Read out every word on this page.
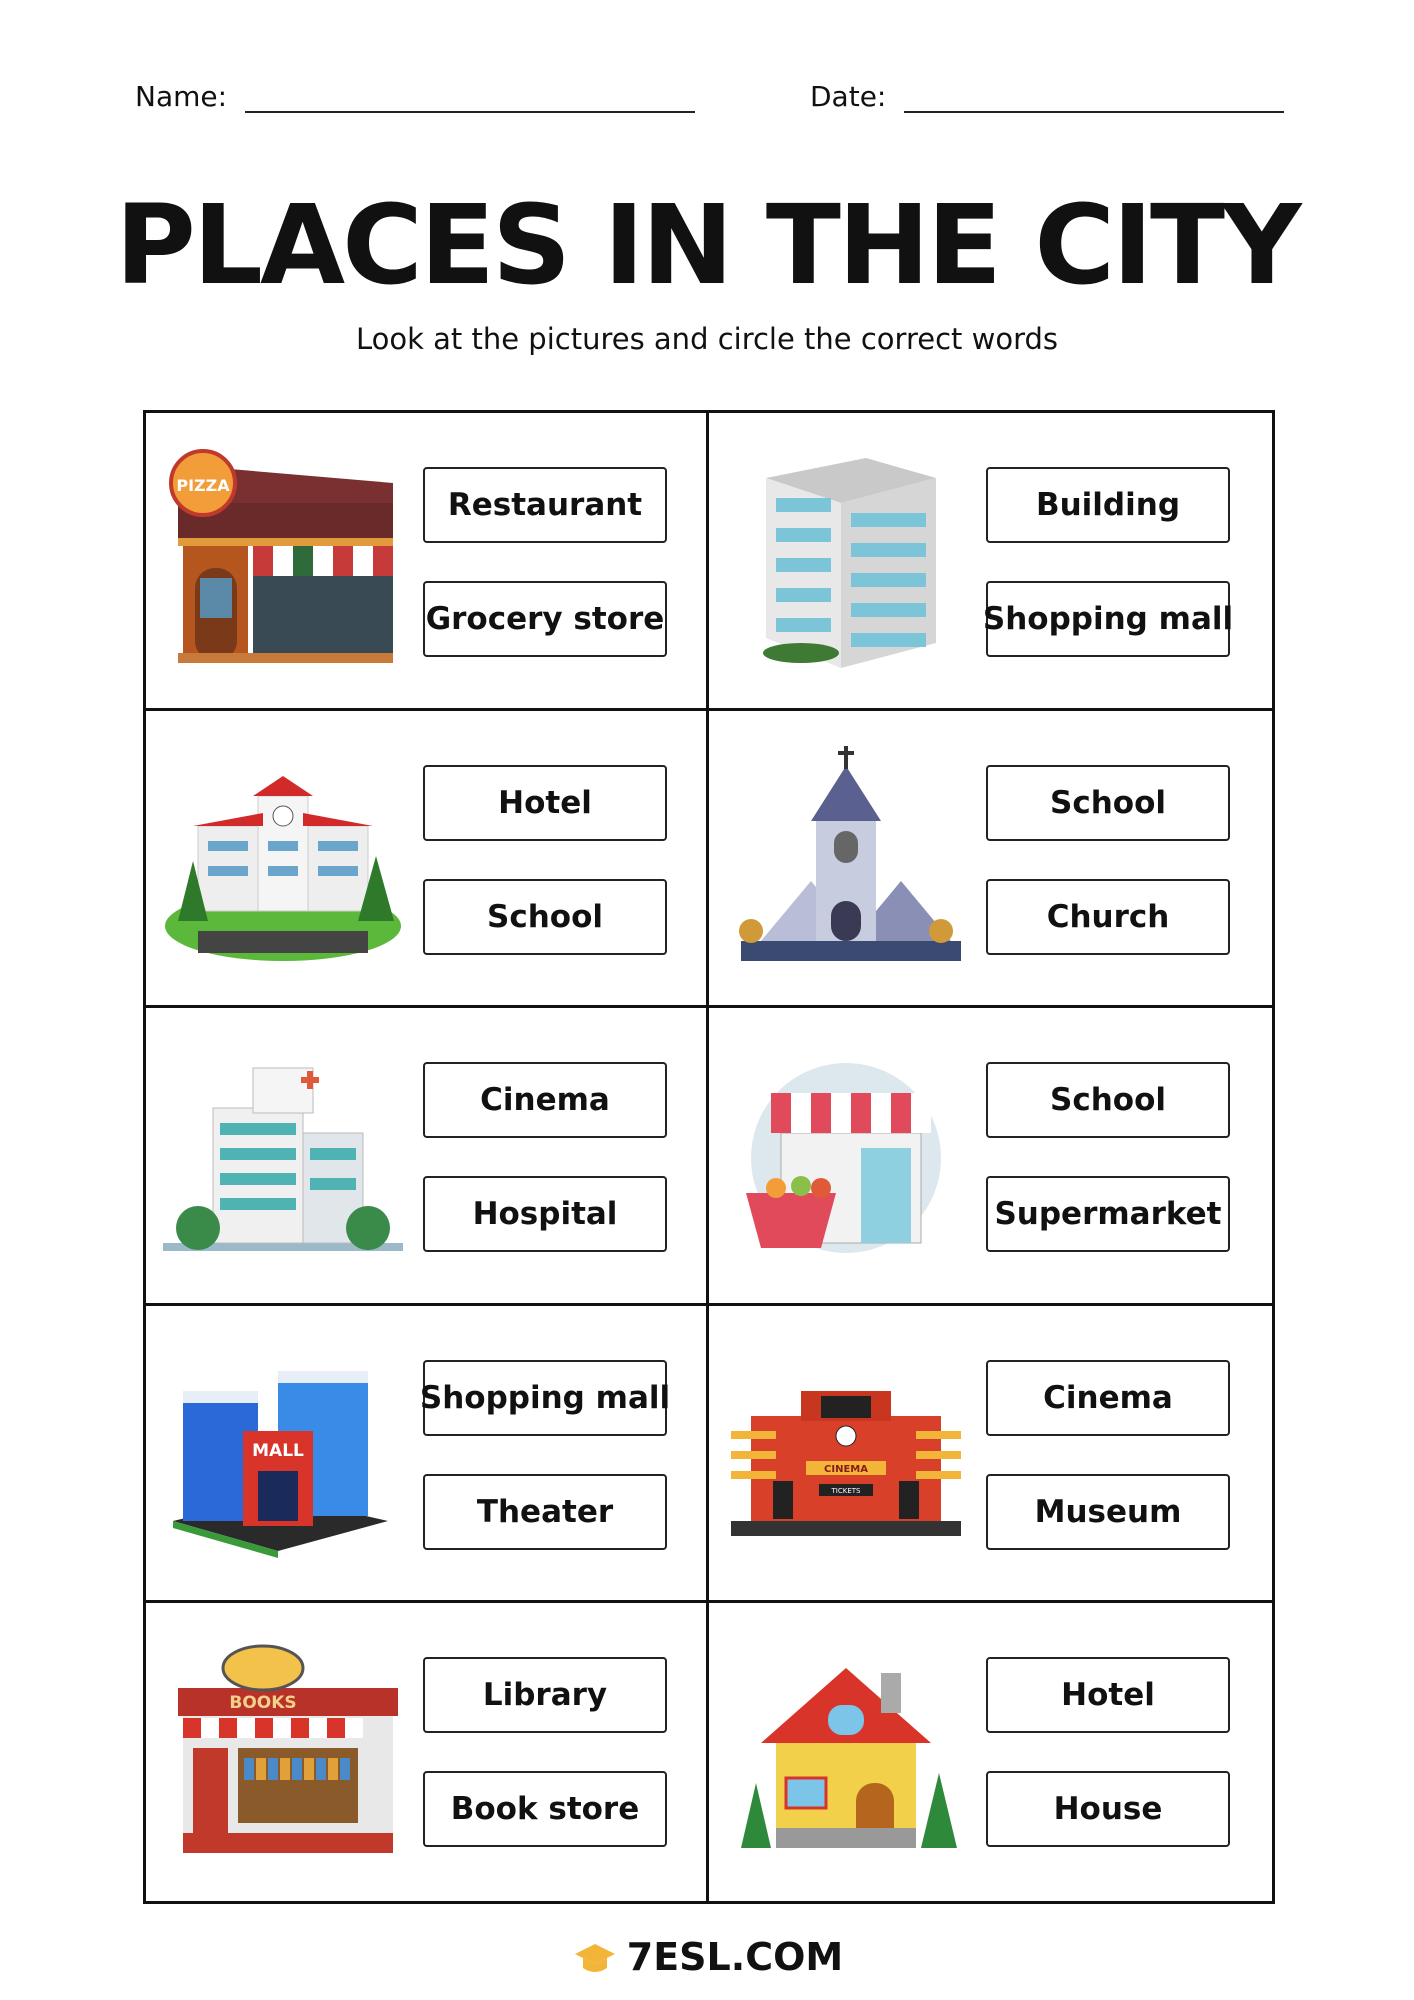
Name:	Date:
PLACES IN THE CITY
Look at the pictures and circle the correct words
PIZZA
Restaurant
Grocery store
Building
Shopping mall
Hotel
School
School
Church
Cinema
Hospital
School
Supermarket
MALL
Shopping mall
Theater
CINEMA
TICKETS
Cinema
Museum
BOOKS	Library
Book store
Hotel
House
7ESL.COM
